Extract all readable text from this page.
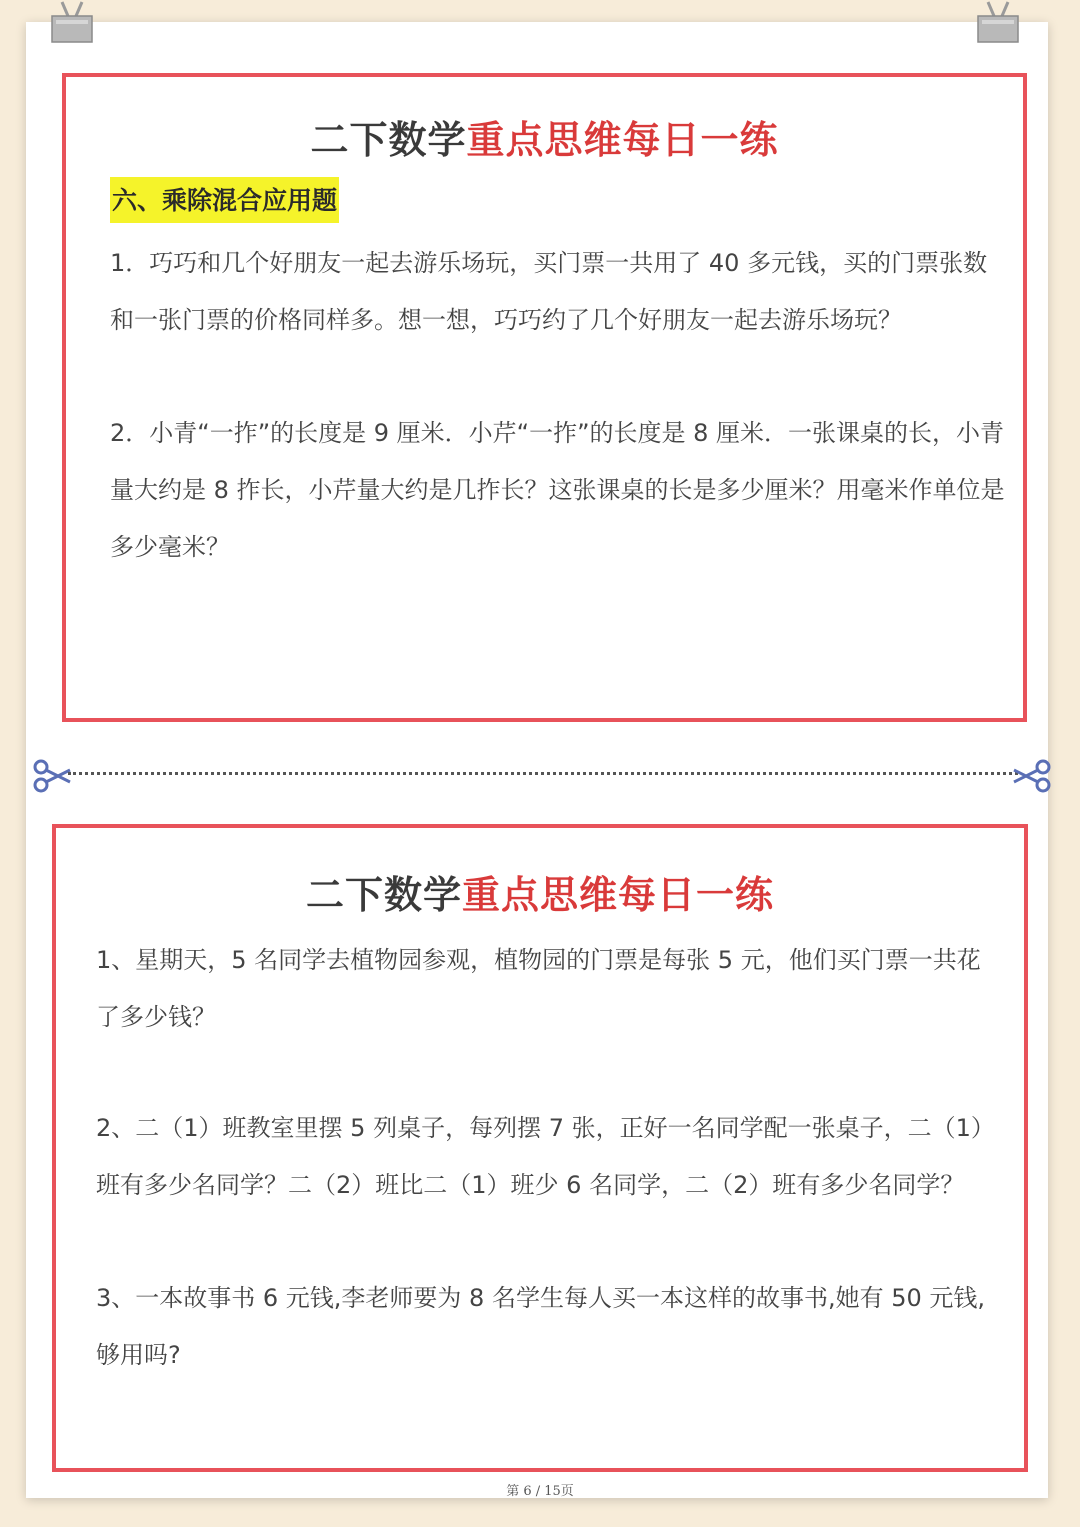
二下数学重点思维每日一练
六、乘除混合应用题

1．巧巧和几个好朋友一起去游乐场玩，买门票一共用了 40 多元钱，买的门票张数和一张门票的价格同样多。想一想，巧巧约了几个好朋友一起去游乐场玩？

2．小青“一拃”的长度是 9 厘米．小芹“一拃”的长度是 8 厘米．一张课桌的长，小青量大约是 8 拃长，小芹量大约是几拃长？这张课桌的长是多少厘米？用毫米作单位是多少毫米？

二下数学重点思维每日一练

1、星期天，5 名同学去植物园参观，植物园的门票是每张 5 元，他们买门票一共花了多少钱？

2、二（1）班教室里摆 5 列桌子，每列摆 7 张，正好一名同学配一张桌子，二（1）班有多少名同学？二（2）班比二（1）班少 6 名同学，二（2）班有多少名同学？

3、一本故事书 6 元钱,李老师要为 8 名学生每人买一本这样的故事书,她有 50 元钱,够用吗?

第 6 / 15页
